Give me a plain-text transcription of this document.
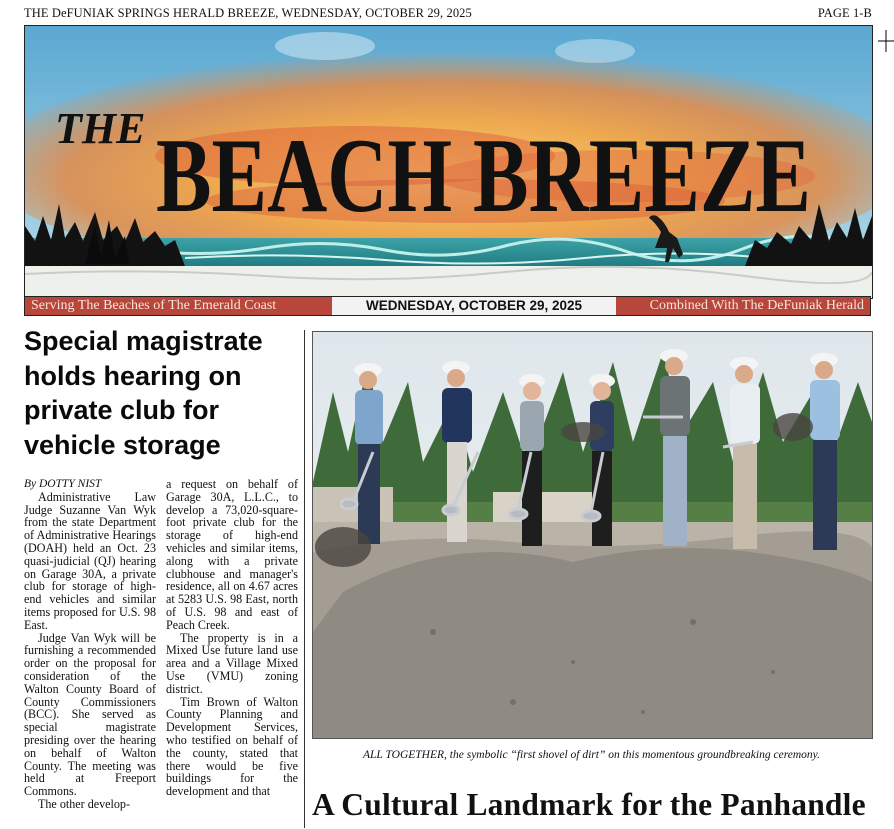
THE DeFUNIAK SPRINGS HERALD BREEZE, WEDNESDAY, OCTOBER 29, 2025	PAGE 1-B
THE BEACH BREEZE
Serving The Beaches of The Emerald Coast	WEDNESDAY, OCTOBER 29, 2025	Combined With The DeFuniak Herald
Special magistrate
holds hearing on
private club for
vehicle storage

By DOTTY NIST

Administrative Law Judge Suzanne Van Wyk from the state Department of Administrative Hearings (DOAH) held an Oct. 23 quasi-judicial (QJ) hearing on Garage 30A, a private club for storage of high-end vehicles and similar items proposed for U.S. 98 East.

Judge Van Wyk will be furnishing a recommended order on the proposal for consideration of the Walton County Board of County Commissioners (BCC). She served as special magistrate presiding over the hearing on behalf of Walton County. The meeting was held at Freeport Commons.

The other develop-

a request on behalf of Garage 30A, L.L.C., to develop a 73,020-square-foot private club for the storage of high-end vehicles and similar items, along with a private clubhouse and manager's residence, all on 4.67 acres at 5283 U.S. 98 East, north of U.S. 98 and east of Peach Creek.

The property is in a Mixed Use future land use area and a Village Mixed Use (VMU) zoning district.

Tim Brown of Walton County Planning and Development Services, who testified on behalf of the county, stated that there would be five buildings for the development and that

ALL TOGETHER, the symbolic “first shovel of dirt” on this momentous groundbreaking ceremony.
A Cultural Landmark for the Panhandle
